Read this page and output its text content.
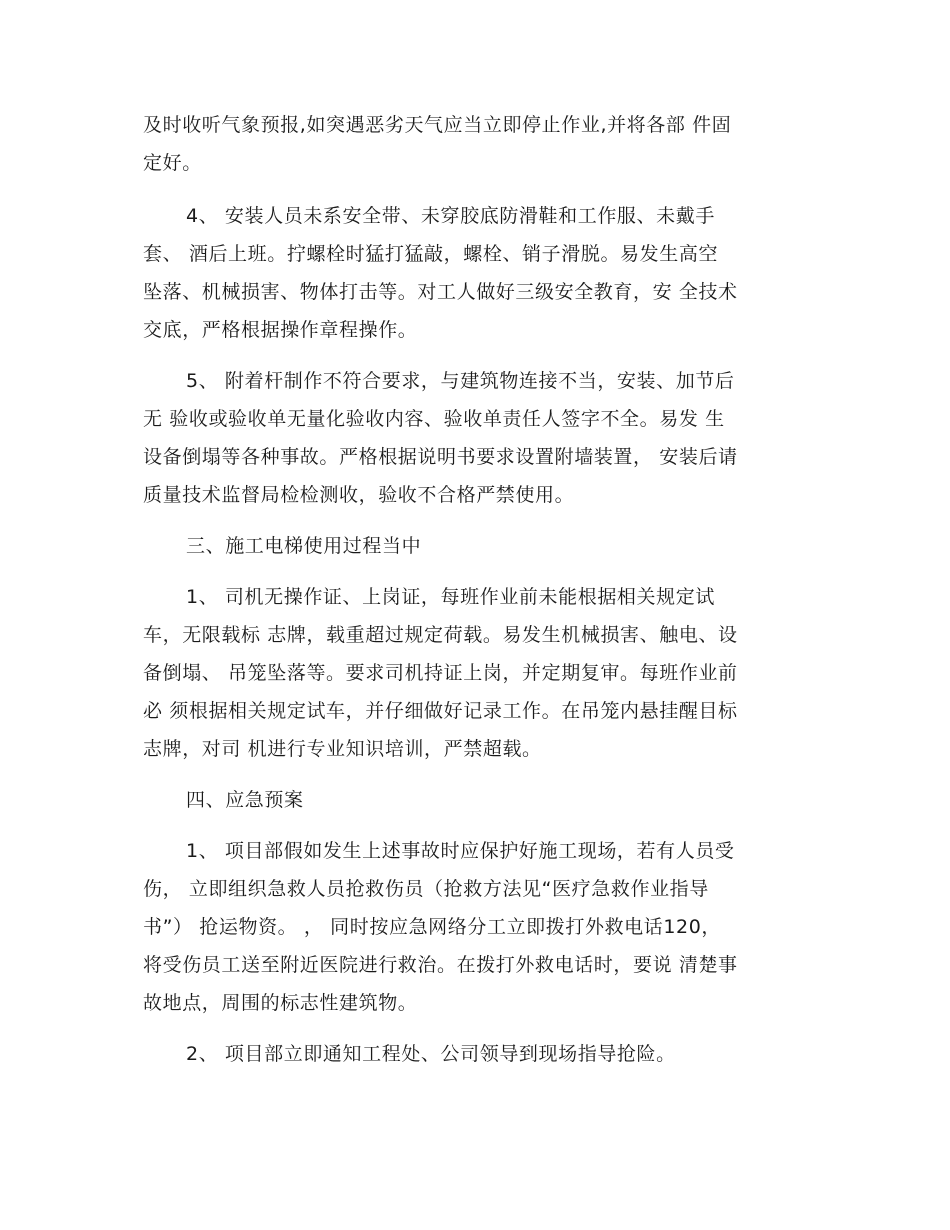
及时收听气象预报,如突遇恶劣天气应当立即停止作业,并将各部 件固

定好。

4、 安装人员未系安全带、未穿胶底防滑鞋和工作服、未戴手

套、 酒后上班。拧螺栓时猛打猛敲，螺栓、销子滑脱。易发生高空

坠落、机械损害、物体打击等。对工人做好三级安全教育，安 全技术

交底，严格根据操作章程操作。

5、 附着杆制作不符合要求，与建筑物连接不当，安装、加节后

无 验收或验收单无量化验收内容、验收单责任人签字不全。易发 生

设备倒塌等各种事故。严格根据说明书要求设置附墙装置， 安装后请

质量技术监督局检检测收，验收不合格严禁使用。

三、施工电梯使用过程当中

1、 司机无操作证、上岗证，每班作业前未能根据相关规定试

车，无限载标 志牌，载重超过规定荷载。易发生机械损害、触电、设

备倒塌、 吊笼坠落等。要求司机持证上岗，并定期复审。每班作业前

必 须根据相关规定试车，并仔细做好记录工作。在吊笼内悬挂醒目标

志牌，对司 机进行专业知识培训，严禁超载。

四、应急预案

1、 项目部假如发生上述事故时应保护好施工现场，若有人员受

伤， 立即组织急救人员抢救伤员（抢救方法见“医疗急救作业指导

书”） 抢运物资。 ， 同时按应急网络分工立即拨打外救电话120，

将受伤员工送至附近医院进行救治。在拨打外救电话时，要说 清楚事

故地点，周围的标志性建筑物。

2、 项目部立即通知工程处、公司领导到现场指导抢险。
